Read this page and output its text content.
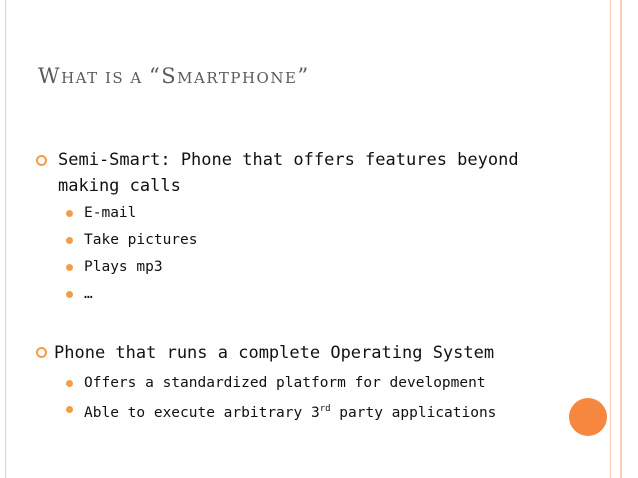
WHAT IS A “SMARTPHONE”
Semi-Smart: Phone that offers features beyond
making calls
E-mail
Take pictures
Plays mp3
…
Phone that runs a complete Operating System
Offers a standardized platform for development
Able to execute arbitrary 3rd party applications
